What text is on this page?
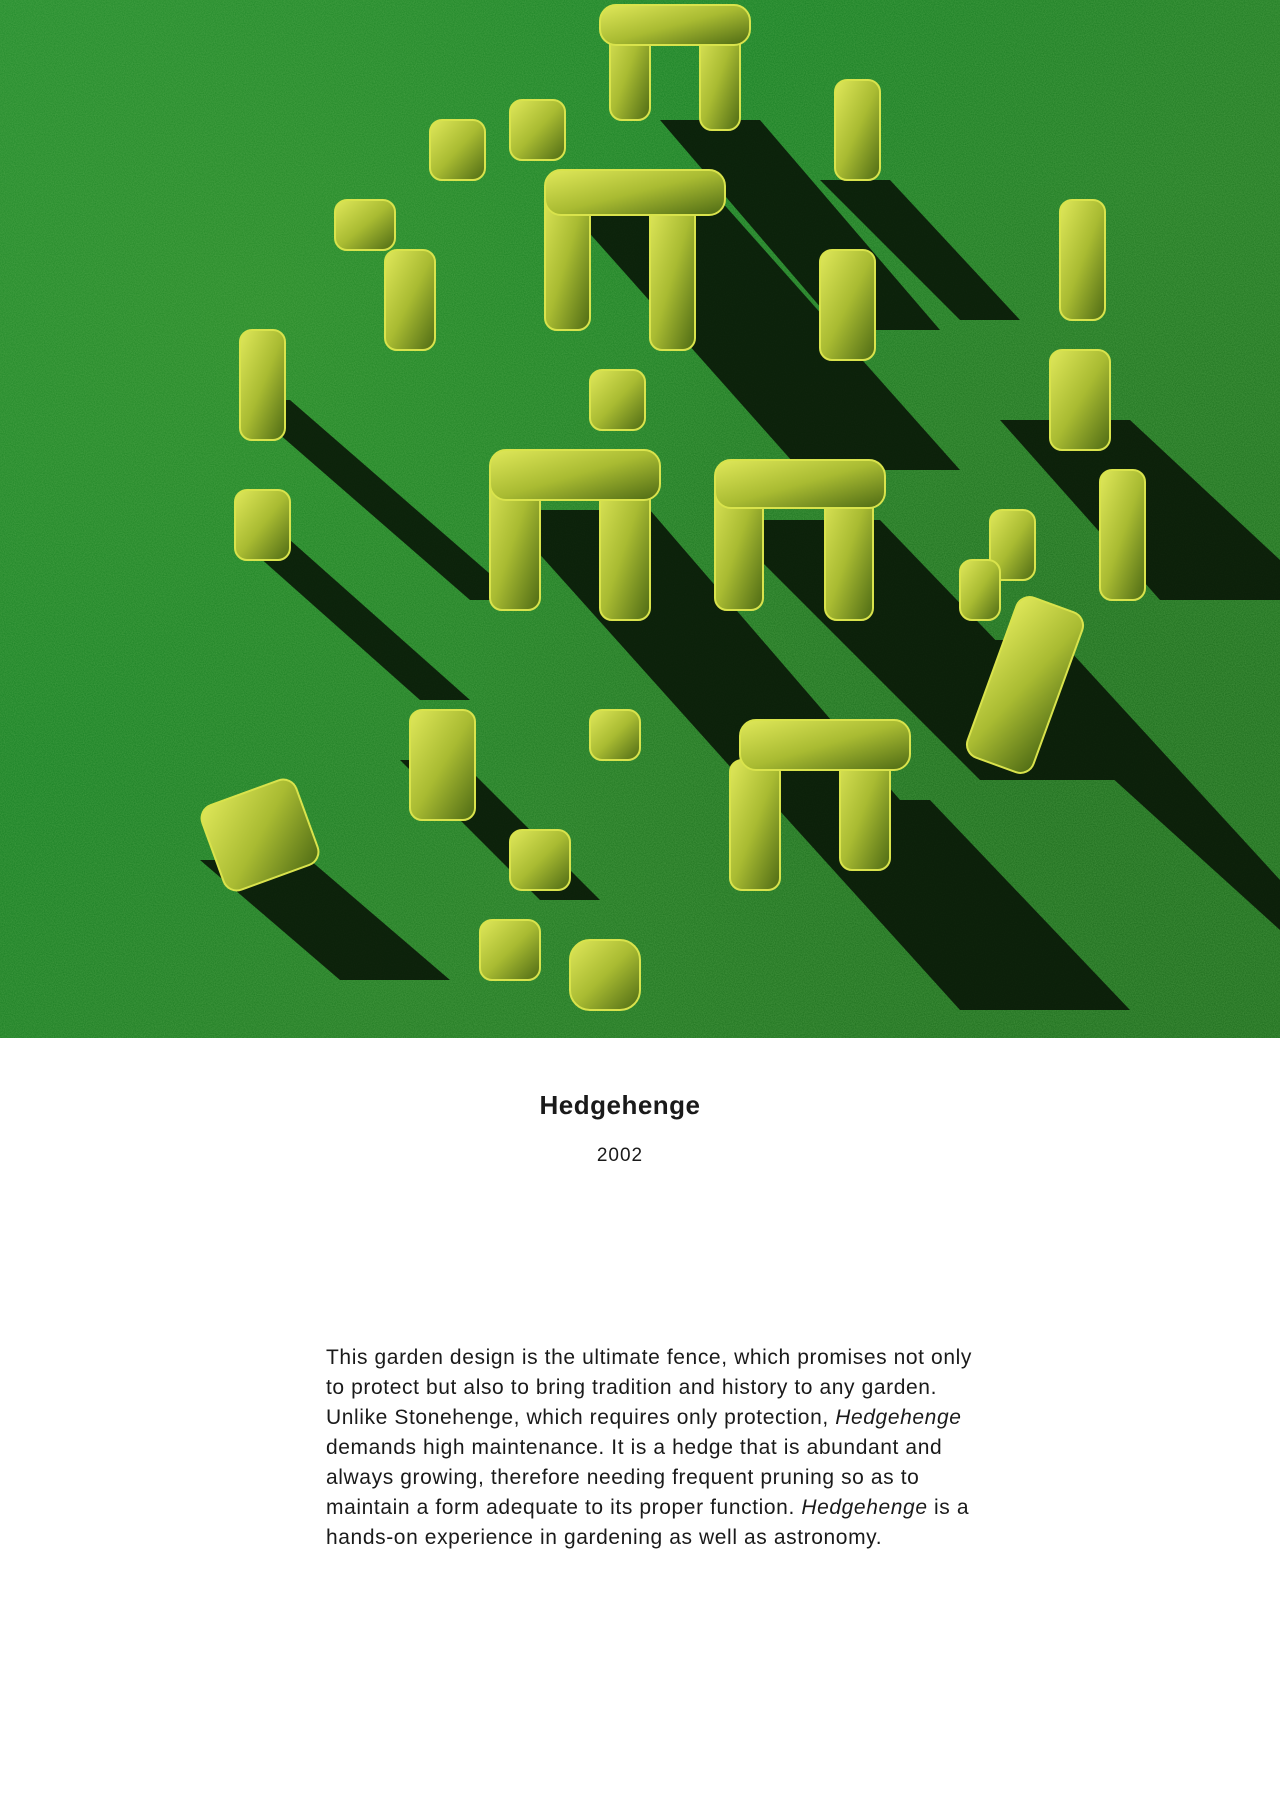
Hedgehenge
2002

This garden design is the ultimate fence, which promises not only to protect but also to bring tradition and history to any garden. Unlike Stonehenge, which requires only protection, Hedgehenge demands high maintenance. It is a hedge that is abundant and always growing, therefore needing frequent pruning so as to maintain a form adequate to its proper function. Hedgehenge is a hands-on experience in gardening as well as astronomy.
